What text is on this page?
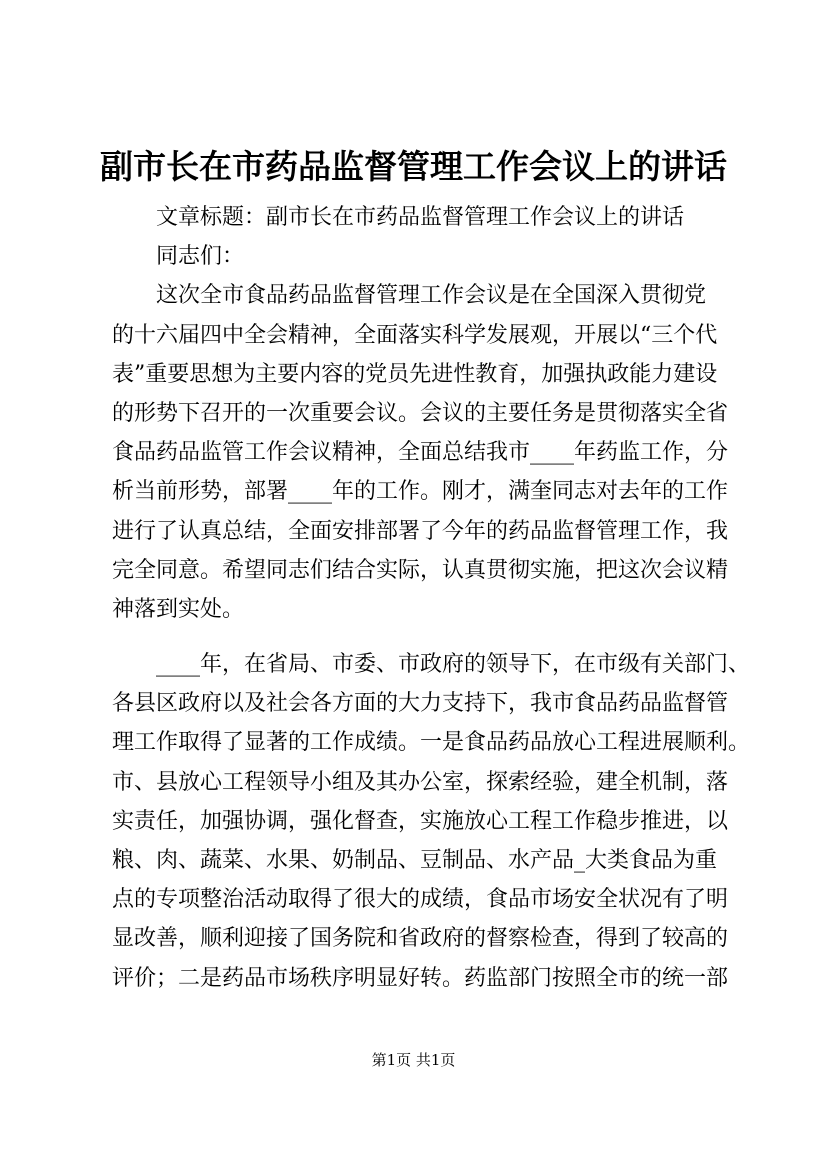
副市长在市药品监督管理工作会议上的讲话
文章标题：副市长在市药品监督管理工作会议上的讲话
同志们：
这次全市食品药品监督管理工作会议是在全国深入贯彻党
的十六届四中全会精神，全面落实科学发展观，开展以“三个代
表”重要思想为主要内容的党员先进性教育，加强执政能力建设
的形势下召开的一次重要会议。会议的主要任务是贯彻落实全省
食品药品监管工作会议精神，全面总结我市____年药监工作，分
析当前形势，部署____年的工作。刚才，满奎同志对去年的工作
进行了认真总结，全面安排部署了今年的药品监督管理工作，我
完全同意。希望同志们结合实际，认真贯彻实施，把这次会议精
神落到实处。
____年，在省局、市委、市政府的领导下，在市级有关部门、
各县区政府以及社会各方面的大力支持下，我市食品药品监督管
理工作取得了显著的工作成绩。一是食品药品放心工程进展顺利。
市、县放心工程领导小组及其办公室，探索经验，建全机制，落
实责任，加强协调，强化督查，实施放心工程工作稳步推进，以
粮、肉、蔬菜、水果、奶制品、豆制品、水产品_大类食品为重
点的专项整治活动取得了很大的成绩，食品市场安全状况有了明
显改善，顺利迎接了国务院和省政府的督察检查，得到了较高的
评价；二是药品市场秩序明显好转。药监部门按照全市的统一部
第1页 共1页
